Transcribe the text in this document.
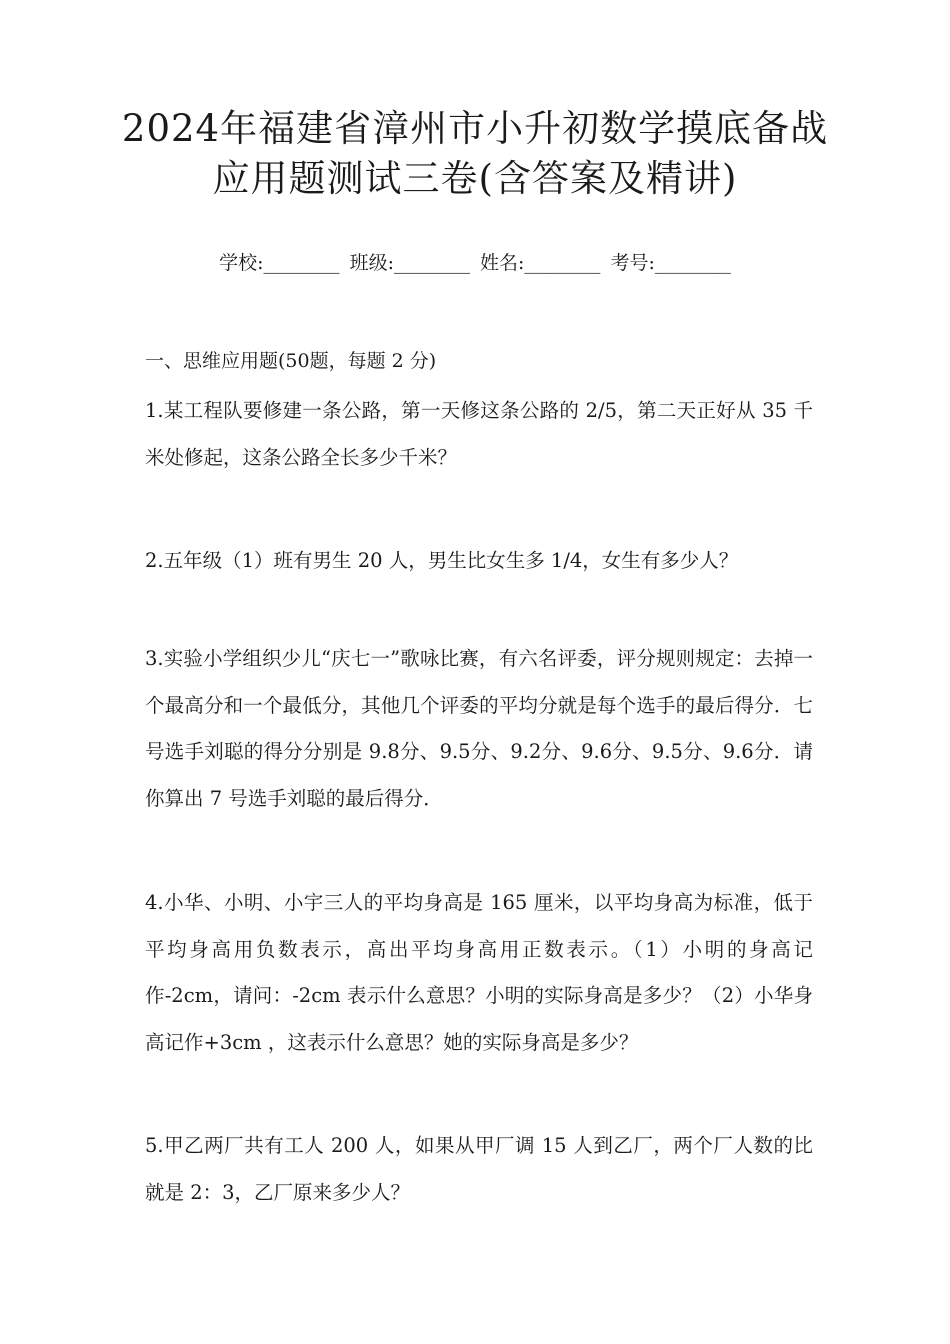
2024年福建省漳州市小升初数学摸底备战
应用题测试三卷(含答案及精讲)
学校:________ 班级:________ 姓名:________ 考号:________
一、思维应用题(50题，每题 2 分)
1.某工程队要修建一条公路，第一天修这条公路的 2/5，第二天正好从 35 千米处修起，这条公路全长多少千米？
2.五年级（1）班有男生 20 人，男生比女生多 1/4，女生有多少人？
3.实验小学组织少儿“庆七一”歌咏比赛，有六名评委，评分规则规定：去掉一个最高分和一个最低分，其他几个评委的平均分就是每个选手的最后得分．七号选手刘聪的得分分别是 9.8分、9.5分、9.2分、9.6分、9.5分、9.6分．请你算出 7 号选手刘聪的最后得分．
4.小华、小明、小宇三人的平均身高是 165 厘米，以平均身高为标准，低于平均身高用负数表示，高出平均身高用正数表示。（1）小明的身高记作-2cm，请问：-2cm 表示什么意思？小明的实际身高是多少？（2）小华身高记作+3cm ，这表示什么意思？她的实际身高是多少？
5.甲乙两厂共有工人 200 人，如果从甲厂调 15 人到乙厂，两个厂人数的比就是 2：3，乙厂原来多少人？
